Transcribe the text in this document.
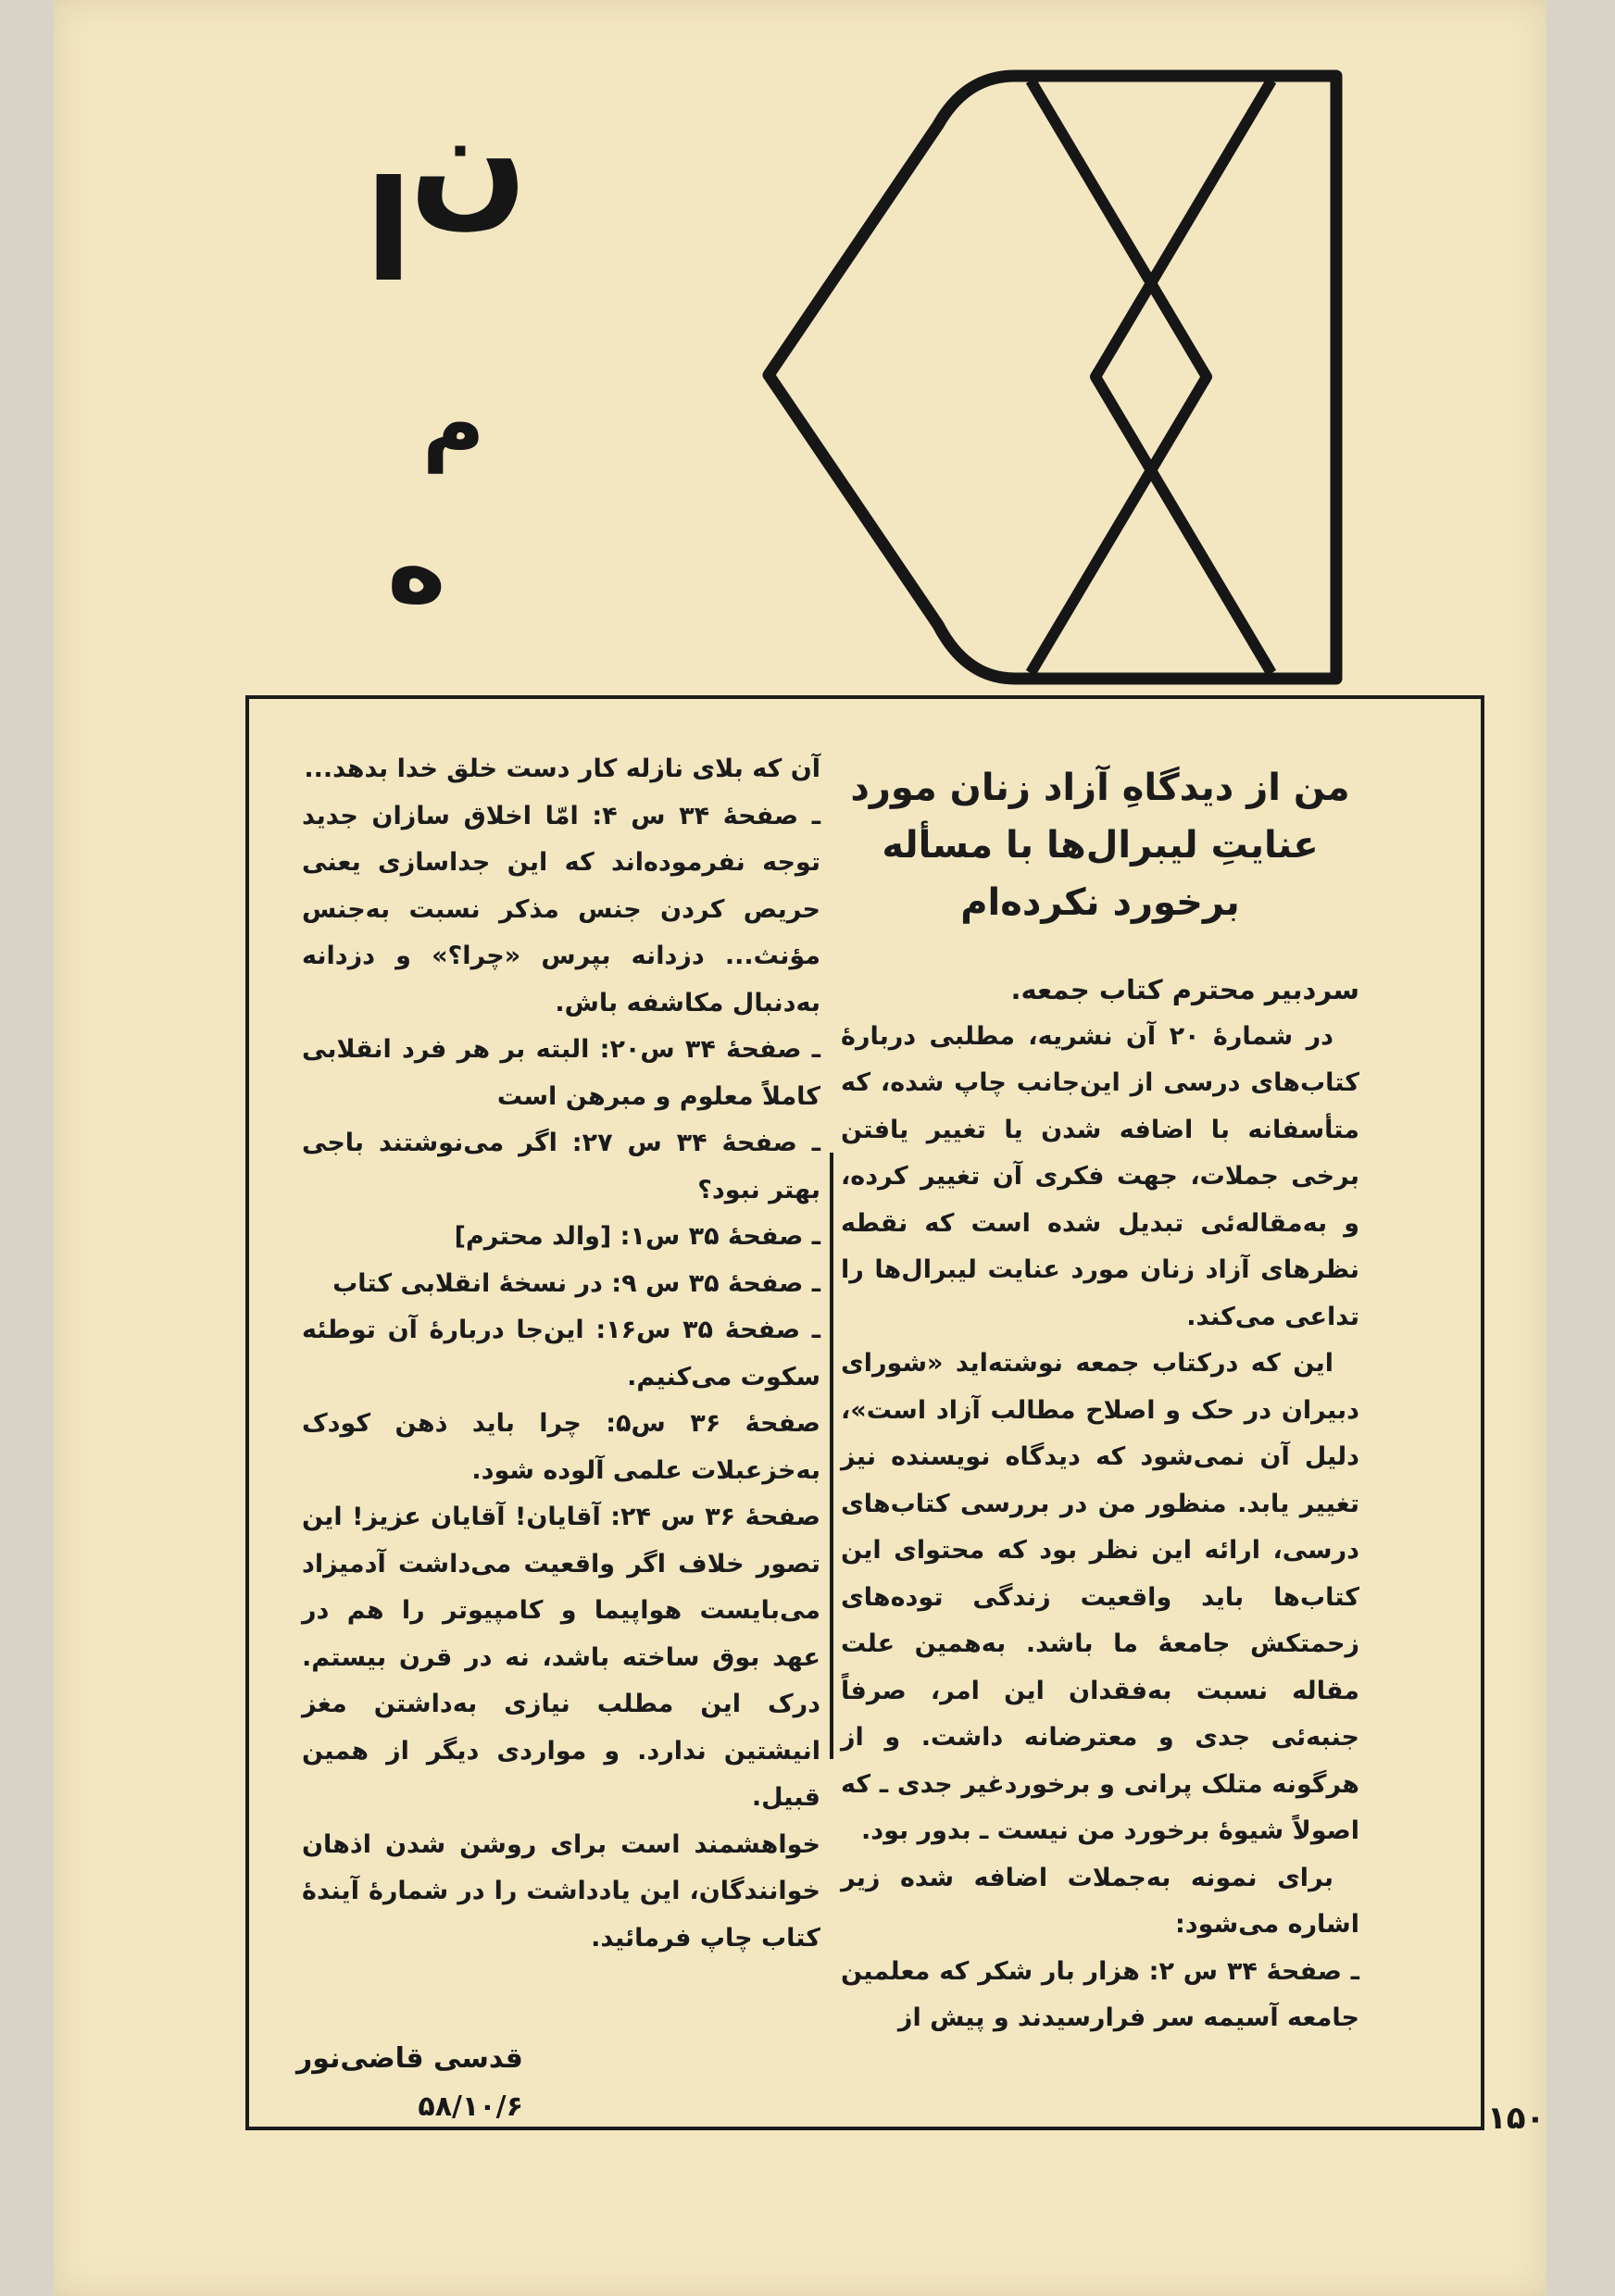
ن
ا
م
ه
من از دیدگاهِ آزاد زنان مورد عنایتِ لیبرال‌ها با مسأله برخورد نکرده‌ام

سردبیر محترم کتاب جمعه.

در شمارهٔ ۲۰ آن نشریه، مطلبی دربارهٔ کتاب‌های درسی از این‌جانب چاپ شده، که متأسفانه با اضافه شدن یا تغییر یافتن برخی جملات، جهت فکری آن تغییر کرده، و به‌مقاله‌ئی تبدیل شده است که نقطه نظرهای آزاد زنان مورد عنایت لیبرال‌ها را تداعی می‌کند.

این که درکتاب جمعه نوشته‌اید «شورای دبیران در حک و اصلاح مطالب آزاد است»، دلیل آن نمی‌شود که دیدگاه نویسنده نیز تغییر یابد. منظور من در بررسی کتاب‌های درسی، ارائه این نظر بود که محتوای این کتاب‌ها باید واقعیت زندگی توده‌های زحمتکش جامعهٔ ما باشد. به‌همین علت مقاله نسبت به‌فقدان این امر، صرفاً جنبه‌ئی جدی و معترضانه داشت. و از هرگونه متلک پرانی و برخوردغیر جدی ـ که اصولاً شیوهٔ برخورد من نیست ـ بدور بود.

برای نمونه به‌جملات اضافه شده زیر اشاره می‌شود:

ـ صفحهٔ ۳۴ س ۲: هزار بار شکر که معلمین جامعه آسیمه سر فرارسیدند و پیش از

آن که بلای نازله کار دست خلق خدا بدهد...

ـ صفحهٔ ۳۴ س ۴: امّا اخلاق سازان جدید توجه نفرموده‌اند که این جداسازی یعنی حریص کردن جنس مذکر نسبت به‌جنس مؤنث... دزدانه بپرس «چرا؟» و دزدانه به‌دنبال مکاشفه باش.

ـ صفحهٔ ۳۴ س۲۰: البته بر هر فرد انقلابی کاملاً معلوم و مبرهن است

ـ صفحهٔ ۳۴ س ۲۷: اگر می‌نوشتند باجی بهتر نبود؟

ـ صفحهٔ ۳۵ س۱: [والد محترم]

ـ صفحهٔ ۳۵ س ۹: در نسخهٔ انقلابی کتاب

ـ صفحهٔ ۳۵ س۱۶: این‌جا دربارهٔ آن توطئه سکوت می‌کنیم.

صفحهٔ ۳۶ س۵: چرا باید ذهن کودک به‌خزعبلات علمی آلوده شود.

صفحهٔ ۳۶ س ۲۴: آقایان! آقایان عزیز! این تصور خلاف اگر واقعیت می‌داشت آدمیزاد می‌بایست هواپیما و کامپیوتر را هم در عهد بوق ساخته باشد، نه در قرن بیستم. درک این مطلب نیازی به‌داشتن مغز انیشتین ندارد. و مواردی دیگر از همین قبیل.

خواهشمند است برای روشن شدن اذهان خوانندگان، این یادداشت را در شمارهٔ آیندهٔ کتاب چاپ فرمائید.

قدسی قاضی‌نور
۵۸/۱۰/۶	۱۵۰
